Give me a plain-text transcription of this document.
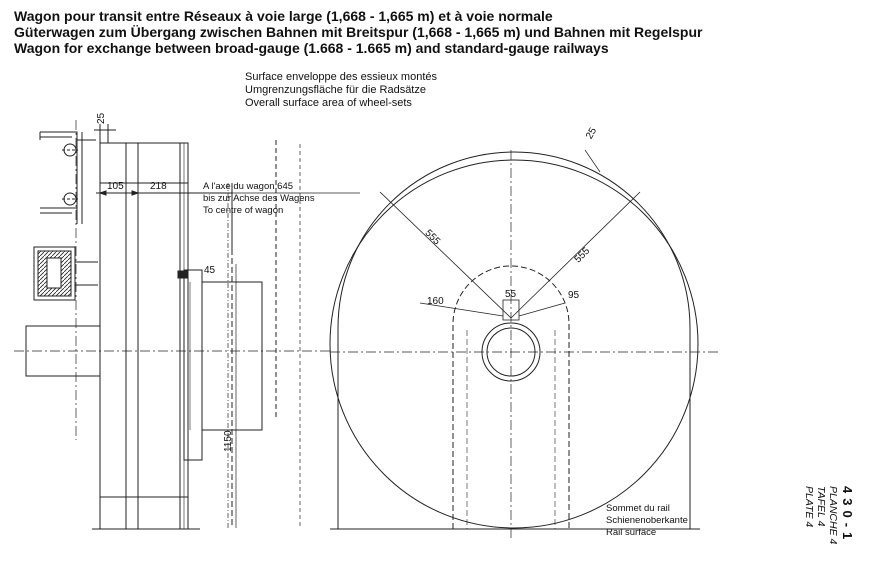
Wagon pour transit entre Réseaux à voie large (1,668 - 1,665 m) et à voie normale
Güterwagen zum Übergang zwischen Bahnen mit Breitspur (1,668 - 1,665 m) und Bahnen mit Regelspur
Wagon for exchange between broad-gauge (1.668 - 1.665 m) and standard-gauge railways
Surface enveloppe des essieux montés
Umgrenzungsfläche für die Radsätze
Overall surface area of wheel-sets
A l'axe du wagon 645
bis zur Achse des Wagens
To centre of wagon
Sommet du rail
Schienenoberkante
Rail surface
25
105	218
45
1150
555
555
25
160
55	95
430-1
PLANCHE 4
TAFEL 4
PLATE 4
